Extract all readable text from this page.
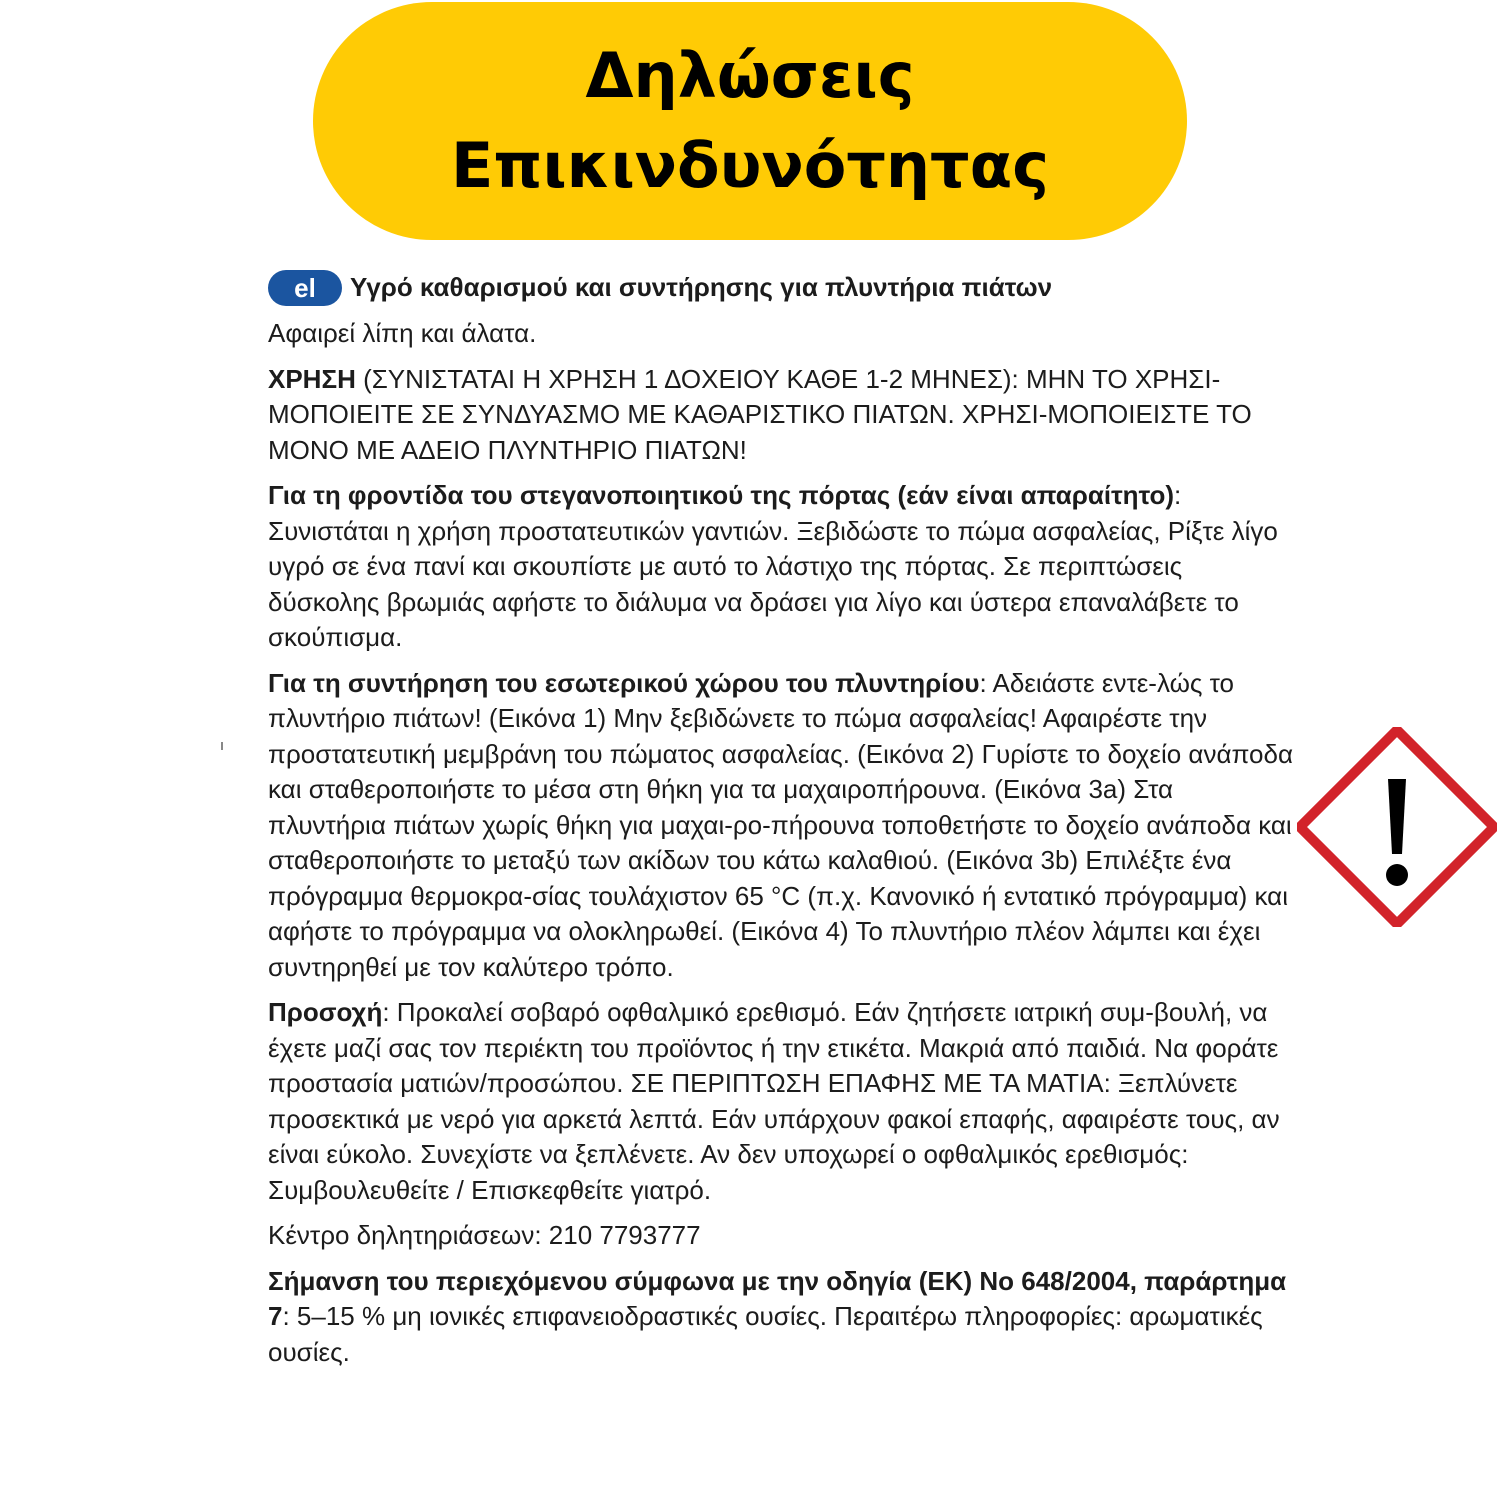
Δηλώσεις
Επικινδυνότητας
el	Υγρό καθαρισμού και συντήρησης για πλυντήρια πιάτων

Αφαιρεί λίπη και άλατα.

ΧΡΗΣΗ (ΣΥΝΙΣΤΑΤΑΙ Η ΧΡΗΣΗ 1 ΔΟΧΕΙΟΥ ΚΑΘΕ 1-2 ΜΗΝΕΣ): ΜΗΝ ΤΟ ΧΡΗΣΙ-ΜΟΠΟΙΕΙΤΕ ΣΕ ΣΥΝΔΥΑΣΜΟ ΜΕ ΚΑΘΑΡΙΣΤΙΚΟ ΠΙΑΤΩΝ. ΧΡΗΣΙ-ΜΟΠΟΙΕΙΣΤΕ ΤΟ ΜΟΝΟ ΜΕ ΑΔΕΙΟ ΠΛΥΝΤΗΡΙΟ ΠΙΑΤΩΝ!

Για τη φροντίδα του στεγανοποιητικού της πόρτας (εάν είναι απαραίτητο): Συνιστάται η χρήση προστατευτικών γαντιών. Ξεβιδώστε το πώμα ασφαλείας, Ρίξτε λίγο υγρό σε ένα πανί και σκουπίστε με αυτό το λάστιχο της πόρτας. Σε περιπτώσεις δύσκολης βρωμιάς αφήστε το διάλυμα να δράσει για λίγο και ύστερα επαναλάβετε το σκούπισμα.

Για τη συντήρηση του εσωτερικού χώρου του πλυντηρίου: Αδειάστε εντε-λώς το πλυντήριο πιάτων! (Εικόνα 1) Μην ξεβιδώνετε το πώμα ασφαλείας! Αφαιρέστε την προστατευτική μεμβράνη του πώματος ασφαλείας. (Εικόνα 2) Γυρίστε το δοχείο ανάποδα και σταθεροποιήστε το μέσα στη θήκη για τα μαχαιροπήρουνα. (Εικόνα 3a) Στα πλυντήρια πιάτων χωρίς θήκη για μαχαι-ρο-πήρουνα τοποθετήστε το δοχείο ανάποδα και σταθεροποιήστε το μεταξύ των ακίδων του κάτω καλαθιού. (Εικόνα 3b) Επιλέξτε ένα πρόγραμμα θερμοκρα-σίας τουλάχιστον 65 °C (π.χ. Κανονικό ή εντατικό πρόγραμμα) και αφήστε το πρόγραμμα να ολοκληρωθεί. (Εικόνα 4) Το πλυντήριο πλέον λάμπει και έχει συντηρηθεί με τον καλύτερο τρόπο.

Προσοχή: Προκαλεί σοβαρό οφθαλμικό ερεθισμό. Εάν ζητήσετε ιατρική συμ-βουλή, να έχετε μαζί σας τον περιέκτη του προϊόντος ή την ετικέτα. Μακριά από παιδιά. Να φοράτε προστασία ματιών/προσώπου. ΣΕ ΠΕΡΙΠΤΩΣΗ ΕΠΑΦΗΣ ΜΕ ΤΑ ΜΑΤΙΑ: Ξεπλύνετε προσεκτικά με νερό για αρκετά λεπτά. Εάν υπάρχουν φακοί επαφής, αφαιρέστε τους, αν είναι εύκολο. Συνεχίστε να ξεπλένετε. Αν δεν υποχωρεί ο οφθαλμικός ερεθισμός: Συμβουλευθείτε / Επισκεφθείτε γιατρό.

Κέντρο δηλητηριάσεων: 210 7793777

Σήμανση του περιεχόμενου σύμφωνα με την οδηγία (ΕΚ) Νο 648/2004, παράρτημα 7: 5–15 % μη ιονικές επιφανειοδραστικές ουσίες. Περαιτέρω πληροφορίες: αρωματικές ουσίες.
